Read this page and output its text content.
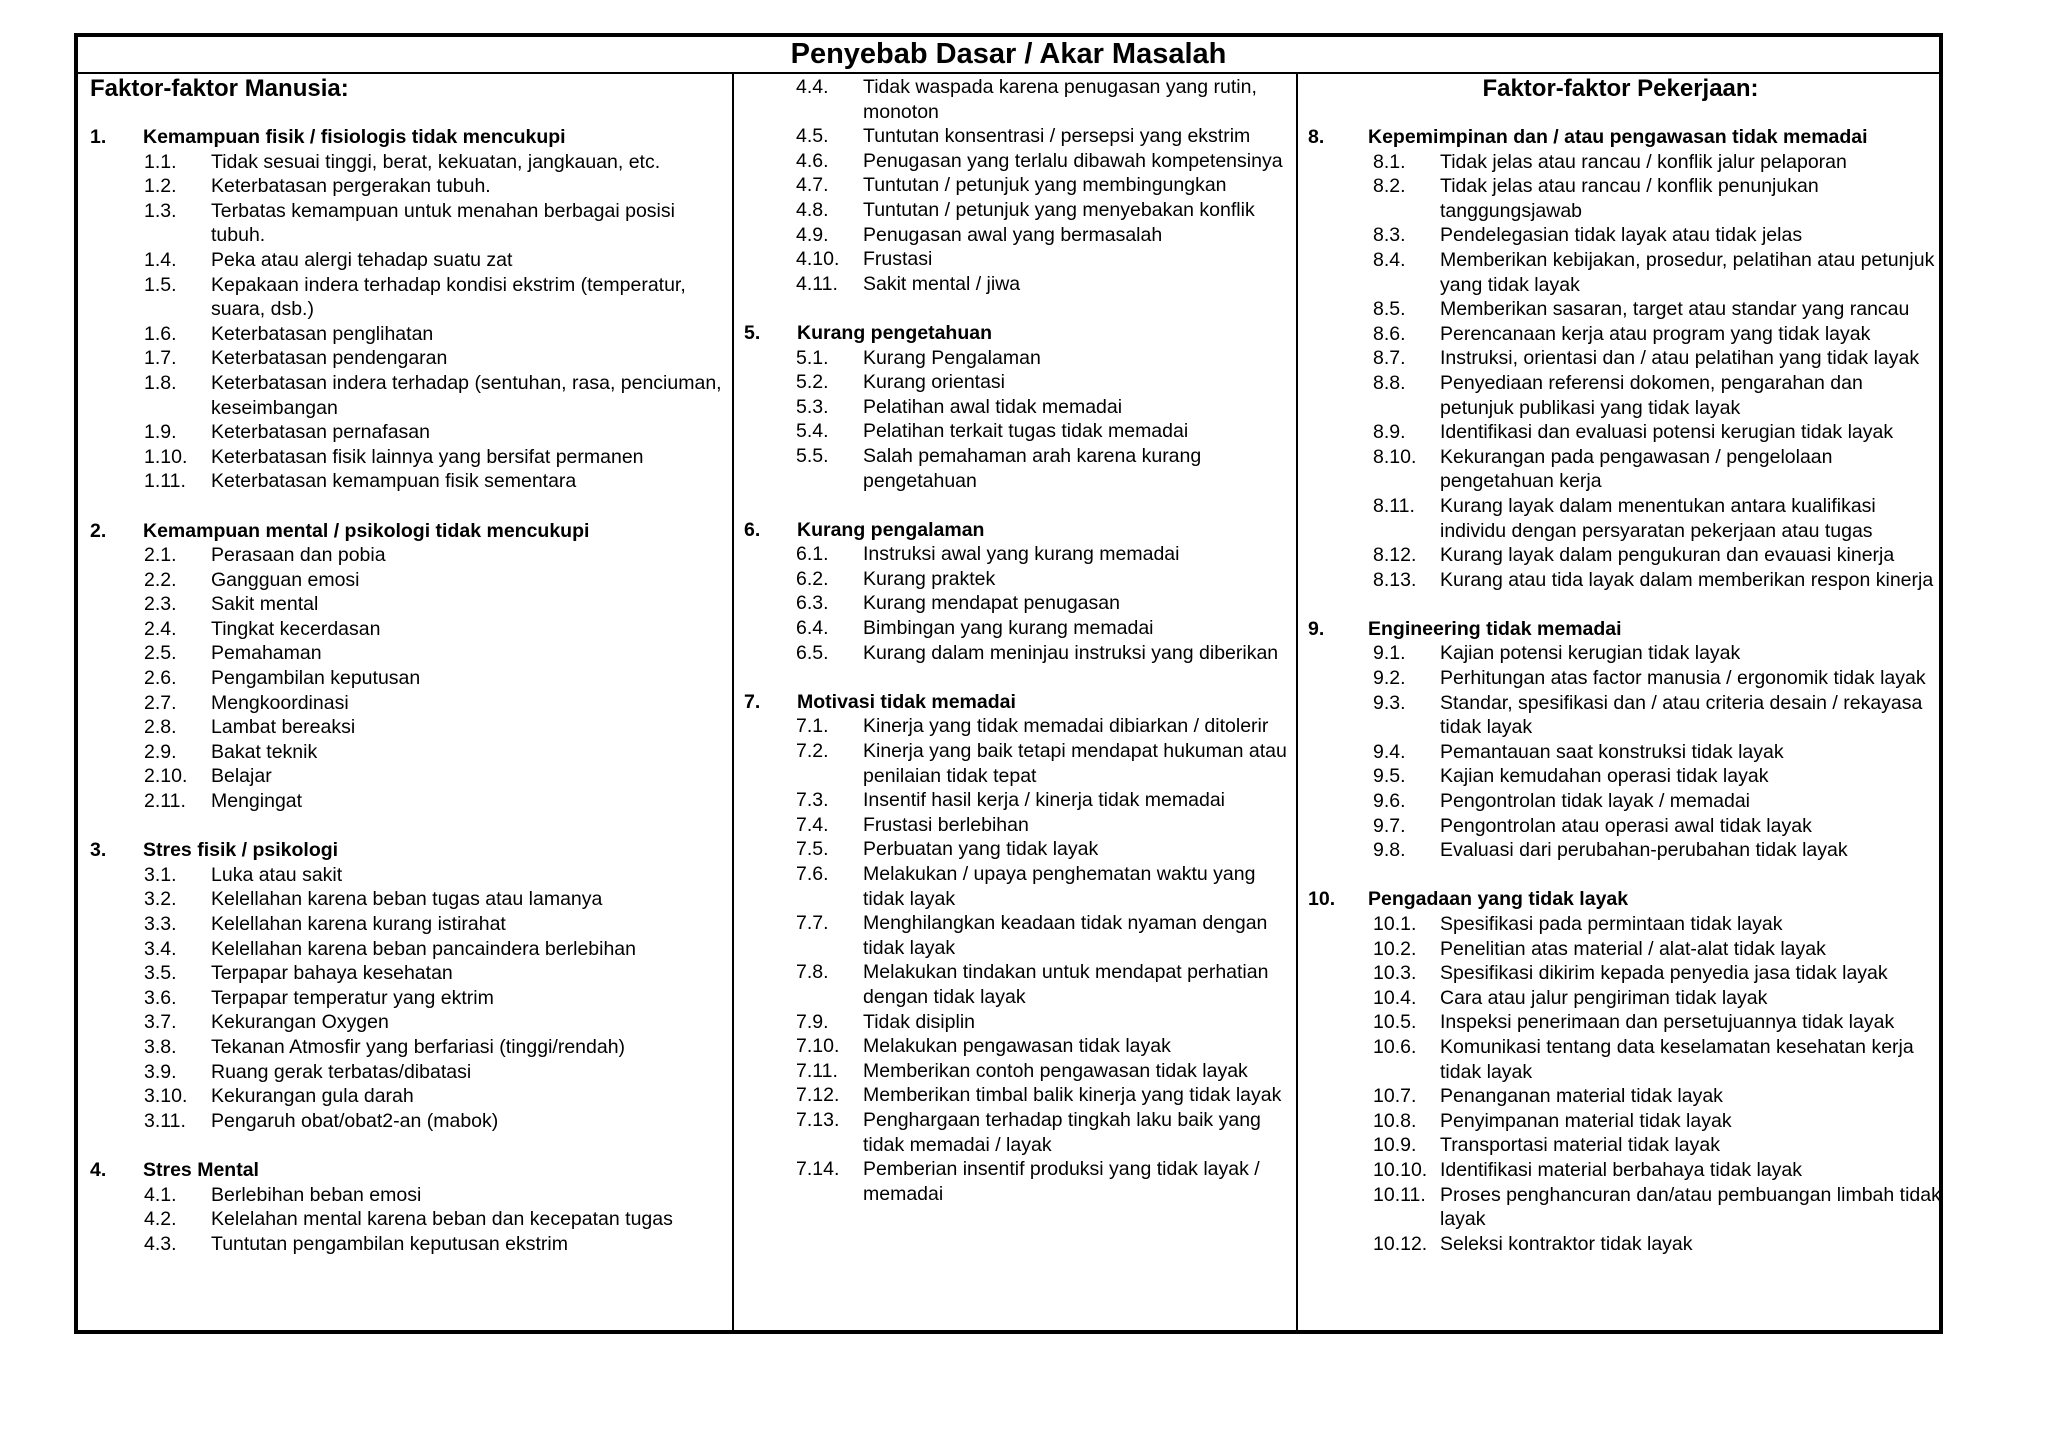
Penyebab Dasar / Akar Masalah
Faktor-faktor Manusia:	Faktor-faktor Pekerjaan:
1.	Kemampuan fisik / fisiologis tidak mencukupi
1.1.	Tidak sesuai tinggi, berat, kekuatan, jangkauan, etc.
1.2.	Keterbatasan pergerakan tubuh.
1.3.	Terbatas kemampuan untuk menahan berbagai posisi tubuh.
1.4.	Peka atau alergi tehadap suatu zat
1.5.	Kepakaan indera terhadap kondisi ekstrim (temperatur, suara, dsb.)
1.6.	Keterbatasan penglihatan
1.7.	Keterbatasan pendengaran
1.8.	Keterbatasan indera terhadap (sentuhan, rasa, penciuman, keseimbangan
1.9.	Keterbatasan pernafasan
1.10.	Keterbatasan fisik lainnya yang bersifat permanen
1.11.	Keterbatasan kemampuan fisik sementara
2.	Kemampuan mental / psikologi tidak mencukupi
2.1.	Perasaan dan pobia
2.2.	Gangguan emosi
2.3.	Sakit mental
2.4.	Tingkat kecerdasan
2.5.	Pemahaman
2.6.	Pengambilan keputusan
2.7.	Mengkoordinasi
2.8.	Lambat bereaksi
2.9.	Bakat teknik
2.10.	Belajar
2.11.	Mengingat
3.	Stres fisik / psikologi
3.1.	Luka atau sakit
3.2.	Kelellahan karena beban tugas atau lamanya
3.3.	Kelellahan karena kurang istirahat
3.4.	Kelellahan karena beban pancaindera berlebihan
3.5.	Terpapar bahaya kesehatan
3.6.	Terpapar temperatur yang ektrim
3.7.	Kekurangan Oxygen
3.8.	Tekanan Atmosfir yang berfariasi (tinggi/rendah)
3.9.	Ruang gerak terbatas/dibatasi
3.10.	Kekurangan gula darah
3.11.	Pengaruh obat/obat2-an (mabok)
4.	Stres Mental
4.1.	Berlebihan beban emosi
4.2.	Kelelahan mental karena beban dan kecepatan tugas
4.3.	Tuntutan pengambilan keputusan ekstrim
4.4.	Tidak waspada karena penugasan yang rutin, monoton
4.5.	Tuntutan konsentrasi / persepsi yang ekstrim
4.6.	Penugasan yang terlalu dibawah kompetensinya
4.7.	Tuntutan / petunjuk yang membingungkan
4.8.	Tuntutan / petunjuk yang menyebakan konflik
4.9.	Penugasan awal yang bermasalah
4.10.	Frustasi
4.11.	Sakit mental / jiwa
5.	Kurang pengetahuan
5.1.	Kurang Pengalaman
5.2.	Kurang orientasi
5.3.	Pelatihan awal tidak memadai
5.4.	Pelatihan terkait tugas tidak memadai
5.5.	Salah pemahaman arah karena kurang pengetahuan
6.	Kurang pengalaman
6.1.	Instruksi awal yang kurang memadai
6.2.	Kurang praktek
6.3.	Kurang mendapat penugasan
6.4.	Bimbingan yang kurang memadai
6.5.	Kurang dalam meninjau instruksi yang diberikan
7.	Motivasi tidak memadai
7.1.	Kinerja yang tidak memadai dibiarkan / ditolerir
7.2.	Kinerja yang baik tetapi mendapat hukuman atau penilaian tidak tepat
7.3.	Insentif hasil kerja / kinerja tidak memadai
7.4.	Frustasi berlebihan
7.5.	Perbuatan yang tidak layak
7.6.	Melakukan / upaya penghematan waktu yang tidak layak
7.7.	Menghilangkan keadaan tidak nyaman dengan tidak layak
7.8.	Melakukan tindakan untuk mendapat perhatian dengan tidak layak
7.9.	Tidak disiplin
7.10.	Melakukan pengawasan tidak layak
7.11.	Memberikan contoh pengawasan tidak layak
7.12.	Memberikan timbal balik kinerja yang tidak layak
7.13.	Penghargaan terhadap tingkah laku baik yang tidak memadai / layak
7.14.	Pemberian insentif produksi yang tidak layak / memadai
8.	Kepemimpinan dan / atau pengawasan tidak memadai
8.1.	Tidak jelas atau rancau / konflik jalur pelaporan
8.2.	Tidak jelas atau rancau / konflik penunjukan tanggungsjawab
8.3.	Pendelegasian tidak layak atau tidak jelas
8.4.	Memberikan kebijakan, prosedur, pelatihan atau petunjuk yang tidak layak
8.5.	Memberikan sasaran, target atau standar yang rancau
8.6.	Perencanaan kerja atau program yang tidak layak
8.7.	Instruksi, orientasi dan / atau pelatihan yang tidak layak
8.8.	Penyediaan referensi dokomen, pengarahan dan petunjuk publikasi yang tidak layak
8.9.	Identifikasi dan evaluasi potensi kerugian tidak layak
8.10.	Kekurangan pada pengawasan / pengelolaan pengetahuan kerja
8.11.	Kurang layak dalam menentukan antara kualifikasi individu dengan persyaratan pekerjaan atau tugas
8.12.	Kurang layak dalam pengukuran dan evauasi kinerja
8.13.	Kurang atau tida layak dalam memberikan respon kinerja
9.	Engineering tidak memadai
9.1.	Kajian potensi kerugian tidak layak
9.2.	Perhitungan atas factor manusia / ergonomik tidak layak
9.3.	Standar, spesifikasi dan / atau criteria desain / rekayasa tidak layak
9.4.	Pemantauan saat konstruksi tidak layak
9.5.	Kajian kemudahan operasi tidak layak
9.6.	Pengontrolan tidak layak / memadai
9.7.	Pengontrolan atau operasi awal tidak layak
9.8.	Evaluasi dari perubahan-perubahan tidak layak
10.	Pengadaan yang tidak layak
10.1.	Spesifikasi pada permintaan tidak layak
10.2.	Penelitian atas material / alat-alat tidak layak
10.3.	Spesifikasi dikirim kepada penyedia jasa tidak layak
10.4.	Cara atau jalur pengiriman tidak layak
10.5.	Inspeksi penerimaan dan persetujuannya tidak layak
10.6.	Komunikasi tentang data keselamatan kesehatan kerja tidak layak
10.7.	Penanganan material tidak layak
10.8.	Penyimpanan material tidak layak
10.9.	Transportasi material tidak layak
10.10. Identifikasi material berbahaya tidak layak
10.11. Proses penghancuran dan/atau pembuangan limbah tidak layak
10.12. Seleksi kontraktor tidak layak
